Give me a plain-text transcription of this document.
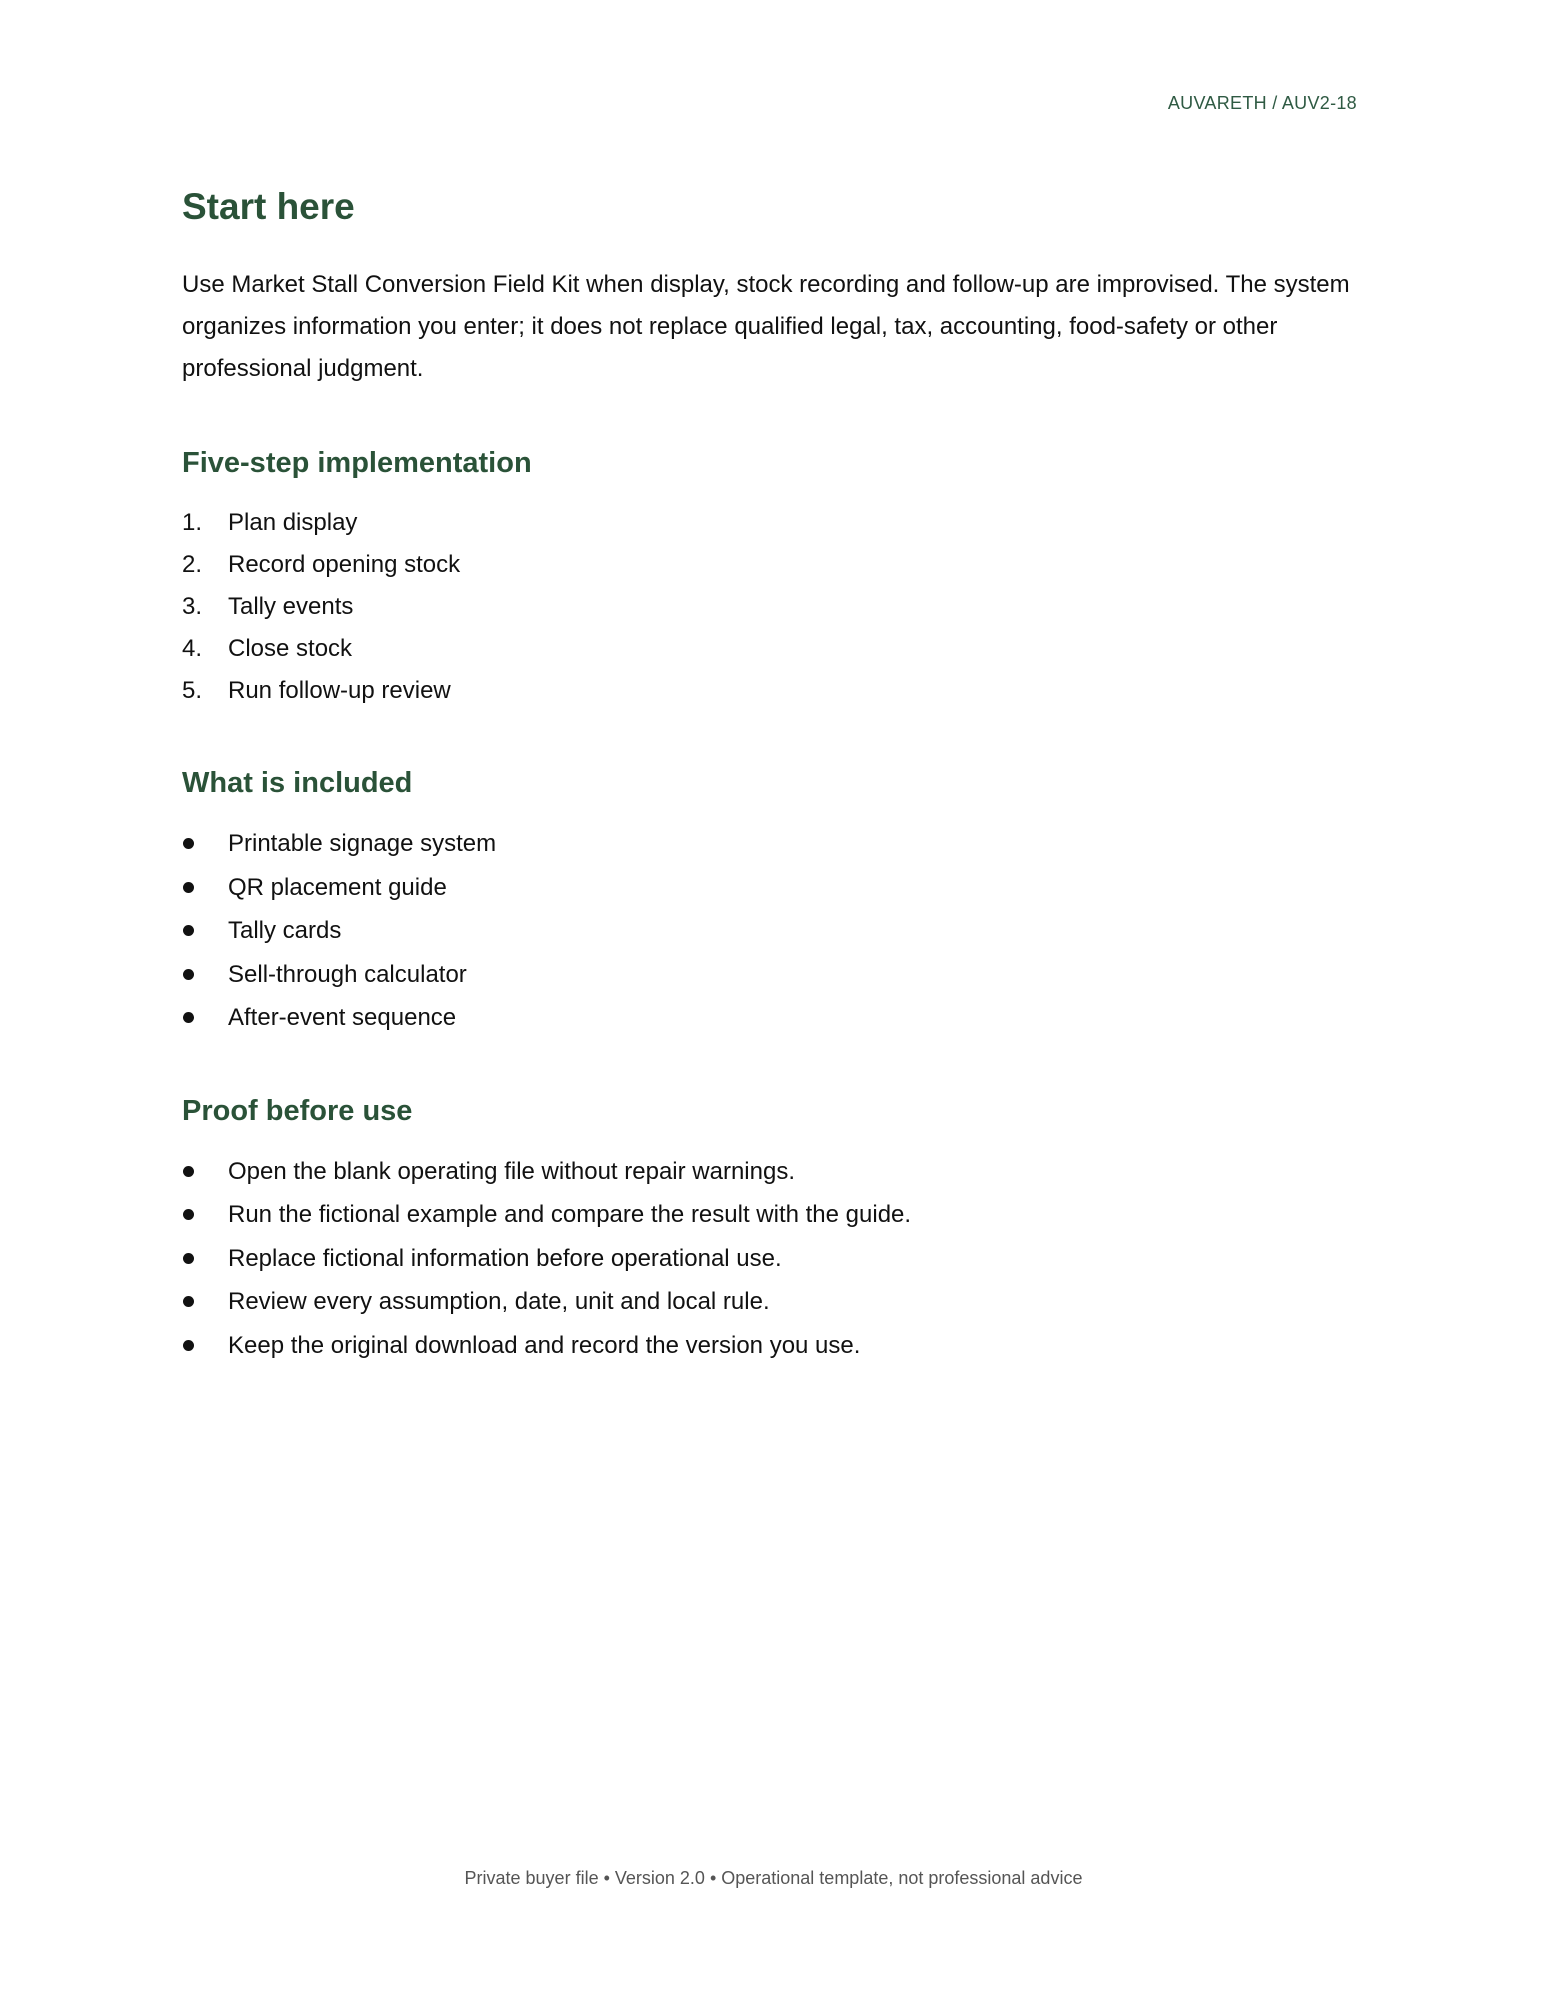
AUVARETH / AUV2-18
Start here

Use Market Stall Conversion Field Kit when display, stock recording and follow-up are improvised. The system organizes information you enter; it does not replace qualified legal, tax, accounting, food-safety or other professional judgment.

Five-step implementation
1. Plan display
2. Record opening stock
3. Tally events
4. Close stock
5. Run follow-up review
What is included
Printable signage system
QR placement guide
Tally cards
Sell-through calculator
After-event sequence
Proof before use
Open the blank operating file without repair warnings.
Run the fictional example and compare the result with the guide.
Replace fictional information before operational use.
Review every assumption, date, unit and local rule.
Keep the original download and record the version you use.
Private buyer file • Version 2.0 • Operational template, not professional advice
